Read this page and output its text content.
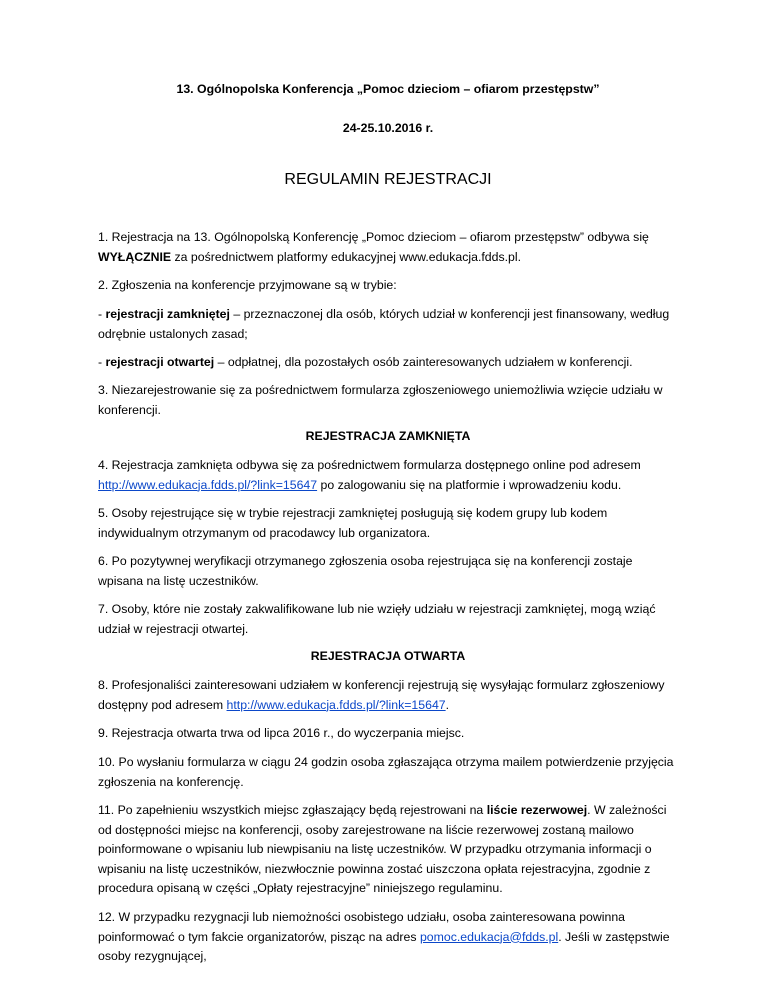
13. Ogólnopolska Konferencja „Pomoc dzieciom – ofiarom przestępstw”
24-25.10.2016 r.
REGULAMIN REJESTRACJI
1. Rejestracja na 13. Ogólnopolską Konferencję „Pomoc dzieciom – ofiarom przestępstw” odbywa się WYŁĄCZNIE za pośrednictwem platformy edukacyjnej www.edukacja.fdds.pl.
2. Zgłoszenia na konferencje przyjmowane są w trybie:
- rejestracji zamkniętej – przeznaczonej dla osób, których udział w konferencji jest finansowany, według odrębnie ustalonych zasad;
- rejestracji otwartej – odpłatnej, dla pozostałych osób zainteresowanych udziałem w konferencji.
3. Niezarejestrowanie się za pośrednictwem formularza zgłoszeniowego uniemożliwia wzięcie udziału w konferencji.
REJESTRACJA ZAMKNIĘTA
4. Rejestracja zamknięta odbywa się za pośrednictwem formularza dostępnego online pod adresem http://www.edukacja.fdds.pl/?link=15647 po zalogowaniu się na platformie i wprowadzeniu kodu.
5. Osoby rejestrujące się w trybie rejestracji zamkniętej posługują się kodem grupy lub kodem indywidualnym otrzymanym od pracodawcy lub organizatora.
6. Po pozytywnej weryfikacji otrzymanego zgłoszenia osoba rejestrująca się na konferencji zostaje wpisana na listę uczestników.
7. Osoby, które nie zostały zakwalifikowane lub nie wzięły udziału w rejestracji zamkniętej, mogą wziąć udział w rejestracji otwartej.
REJESTRACJA OTWARTA
8. Profesjonaliści zainteresowani udziałem w konferencji rejestrują się wysyłając formularz zgłoszeniowy dostępny pod adresem http://www.edukacja.fdds.pl/?link=15647.
9. Rejestracja otwarta trwa od lipca 2016 r., do wyczerpania miejsc.
10. Po wysłaniu formularza w ciągu 24 godzin osoba zgłaszająca otrzyma mailem potwierdzenie przyjęcia zgłoszenia na konferencję.
11. Po zapełnieniu wszystkich miejsc zgłaszający będą rejestrowani na liście rezerwowej. W zależności od dostępności miejsc na konferencji, osoby zarejestrowane na liście rezerwowej zostaną mailowo poinformowane o wpisaniu lub niewpisaniu na listę uczestników. W przypadku otrzymania informacji o wpisaniu na listę uczestników, niezwłocznie powinna zostać uiszczona opłata rejestracyjna, zgodnie z procedura opisaną w części „Opłaty rejestracyjne” niniejszego regulaminu.
12. W przypadku rezygnacji lub niemożności osobistego udziału, osoba zainteresowana powinna poinformować o tym fakcie organizatorów, pisząc na adres pomoc.edukacja@fdds.pl. Jeśli w zastępstwie osoby rezygnującej,
